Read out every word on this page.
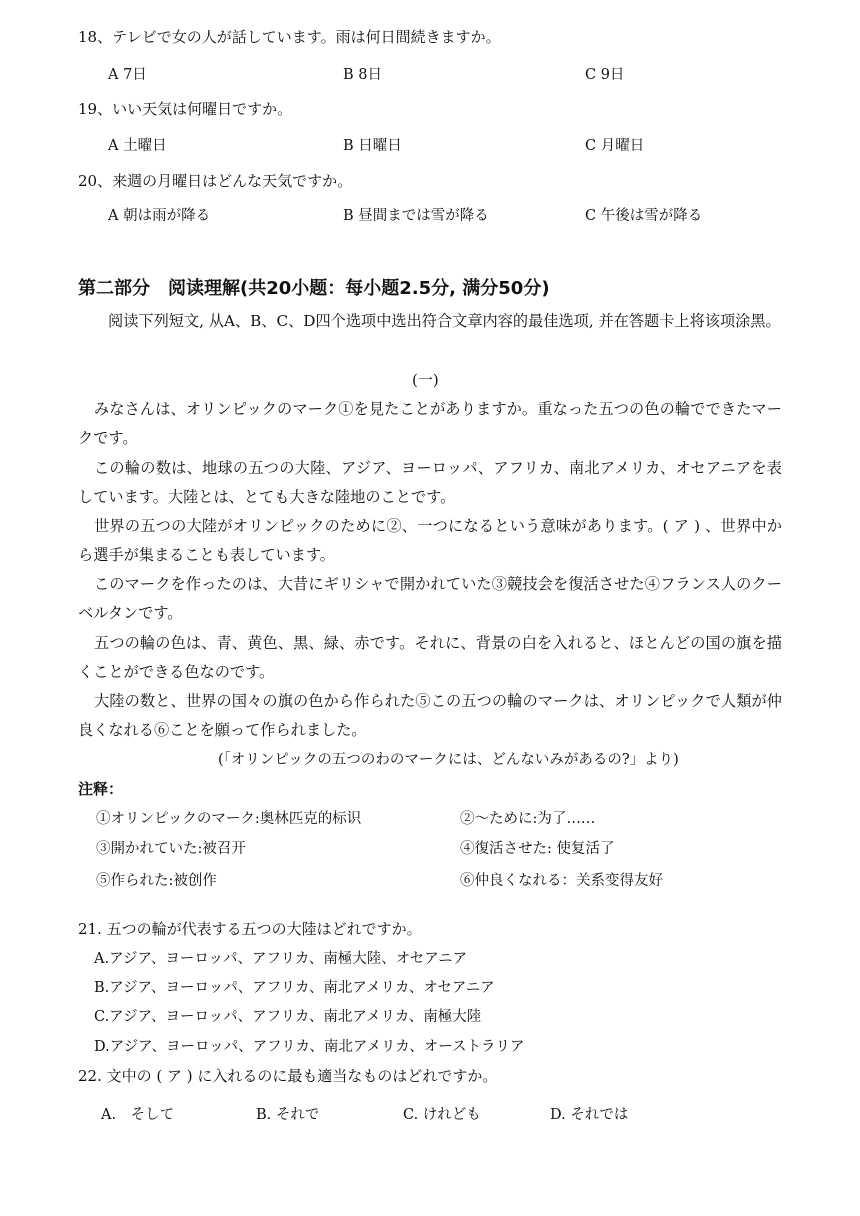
18、テレビで女の人が話しています。雨は何日間続きますか。
A 7日	B 8日	C 9日
19、いい天気は何曜日ですか。
A 土曜日	B 日曜日	C 月曜日
20、来週の月曜日はどんな天気ですか。
A 朝は雨が降る	B 昼間までは雪が降る	C 午後は雪が降る
第二部分　阅读理解(共20小题：每小题2.5分, 满分50分)
阅读下列短文, 从A、B、C、D四个选项中选出符合文章内容的最佳选项, 并在答题卡上将该项涂黑。
(一)
みなさんは、オリンピックのマーク①を見たことがありますか。重なった五つの色の輪でできたマークです。
この輪の数は、地球の五つの大陸、アジア、ヨーロッパ、アフリカ、南北アメリカ、オセアニアを表しています。大陸とは、とても大きな陸地のことです。
世界の五つの大陸がオリンピックのために②、一つになるという意味があります。( ア ) 、世界中から選手が集まることも表しています。
このマークを作ったのは、大昔にギリシャで開かれていた③競技会を復活させた④フランス人のクーベルタンです。
五つの輪の色は、青、黄色、黒、緑、赤です。それに、背景の白を入れると、ほとんどの国の旗を描くことができる色なのです。
大陸の数と、世界の国々の旗の色から作られた⑤この五つの輪のマークは、オリンピックで人類が仲良くなれる⑥ことを願って作られました。
(「オリンピックの五つのわのマークには、どんないみがあるの?」より)
注释：
①オリンピックのマーク:奥林匹克的标识	②～ために:为了……
③開かれていた:被召开	④復活させた: 使复活了
⑤作られた:被创作	⑥仲良くなれる：关系变得友好
21. 五つの輪が代表する五つの大陸はどれですか。
A.アジア、ヨーロッパ、アフリカ、南極大陸、オセアニア
B.アジア、ヨーロッパ、アフリカ、南北アメリカ、オセアニア
C.アジア、ヨーロッパ、アフリカ、南北アメリカ、南極大陸
D.アジア、ヨーロッパ、アフリカ、南北アメリカ、オーストラリア
22. 文中の ( ア ) に入れるのに最も適当なものはどれですか。
A.　そして	B. それで	C. けれども	D. それでは
